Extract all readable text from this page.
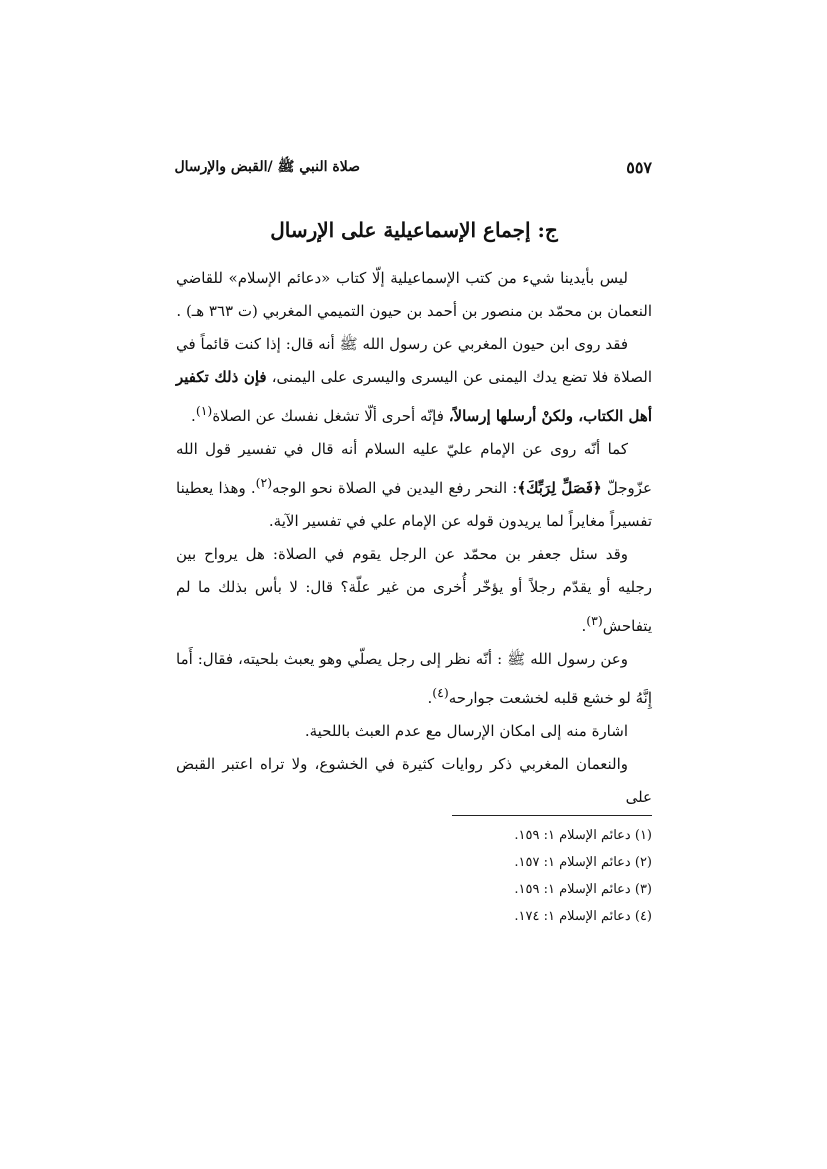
صلاة النبي ﷺ /القبض والإرسال	٥٥٧
ج: إجماع الإسماعيلية على الإرسال

ليس بأيدينا شيء من كتب الإسماعيلية إلّا كتاب «دعائم الإسلام» للقاضي النعمان بن محمّد بن منصور بن أحمد بن حيون التميمي المغربي (ت ٣٦٣ هـ) .

فقد روى ابن حيون المغربي عن رسول الله ﷺ أنه قال: إذا كنت قائماً في الصلاة فلا تضع يدك اليمنى عن اليسرى واليسرى على اليمنى، فإن ذلك تكفير أهل الكتاب، ولكنْ أرسلها إرسالاً، فإنّه أحرى ألّا تشغل نفسك عن الصلاة$^{(١)}$.

كما أنّه روى عن الإمام عليّ عليه السلام أنه قال في تفسير قول الله عزّوجلّ ﴿فَصَلِّ لِرَبِّكَ﴾: النحر رفع اليدين في الصلاة نحو الوجه$^{(٢)}$. وهذا يعطينا تفسيراً مغايراً لما يريدون قوله عن الإمام علي في تفسير الآية.

وقد سئل جعفر بن محمّد عن الرجل يقوم في الصلاة: هل يرواح بين رجليه أو يقدّم رجلاً أو يؤخّر أُخرى من غير علّة؟ قال: لا بأس بذلك ما لم يتفاحش$^{(٣)}$.

وعن رسول الله ﷺ : أنّه نظر إلى رجل يصلّي وهو يعبث بلحيته، فقال: أَما إِنَّهُ لو خشع قلبه لخشعت جوارحه$^{(٤)}$.

اشارة منه إلى امكان الإرسال مع عدم العبث باللحية.

والنعمان المغربي ذكر روايات كثيرة في الخشوع، ولا تراه اعتبر القبض على

(١) دعائم الإسلام ١: ١٥٩.

(٢) دعائم الإسلام ١: ١٥٧.

(٣) دعائم الإسلام ١: ١٥٩.

(٤) دعائم الإسلام ١: ١٧٤.
